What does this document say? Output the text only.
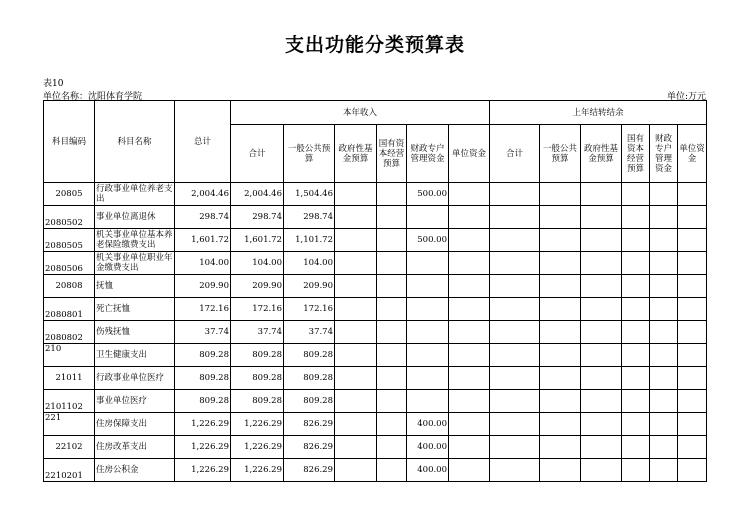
支出功能分类预算表
表10
单位名称：沈阳体育学院	单位:万元
科目编码	科目名称	总计	本年收入						上年结转结余					
			合计	一般公共预算	政府性基金预算	国有资本经营预算	财政专户管理资金	单位资金	合计	一般公共预算	政府性基金预算	国有资本经营预算	财政专户管理资金	单位资金
20805	行政事业单位养老支出	2,004.46	2,004.46	1,504.46			500.00							
2080502	事业单位离退休	298.74	298.74	298.74										
2080505	机关事业单位基本养老保险缴费支出	1,601.72	1,601.72	1,101.72			500.00							
2080506	机关事业单位职业年金缴费支出	104.00	104.00	104.00										
20808	抚恤	209.90	209.90	209.90										
2080801	死亡抚恤	172.16	172.16	172.16										
2080802	伤残抚恤	37.74	37.74	37.74										
210	卫生健康支出	809.28	809.28	809.28										
21011	行政事业单位医疗	809.28	809.28	809.28										
2101102	事业单位医疗	809.28	809.28	809.28										
221	住房保障支出	1,226.29	1,226.29	826.29			400.00							
22102	住房改革支出	1,226.29	1,226.29	826.29			400.00							
2210201	住房公积金	1,226.29	1,226.29	826.29			400.00							
